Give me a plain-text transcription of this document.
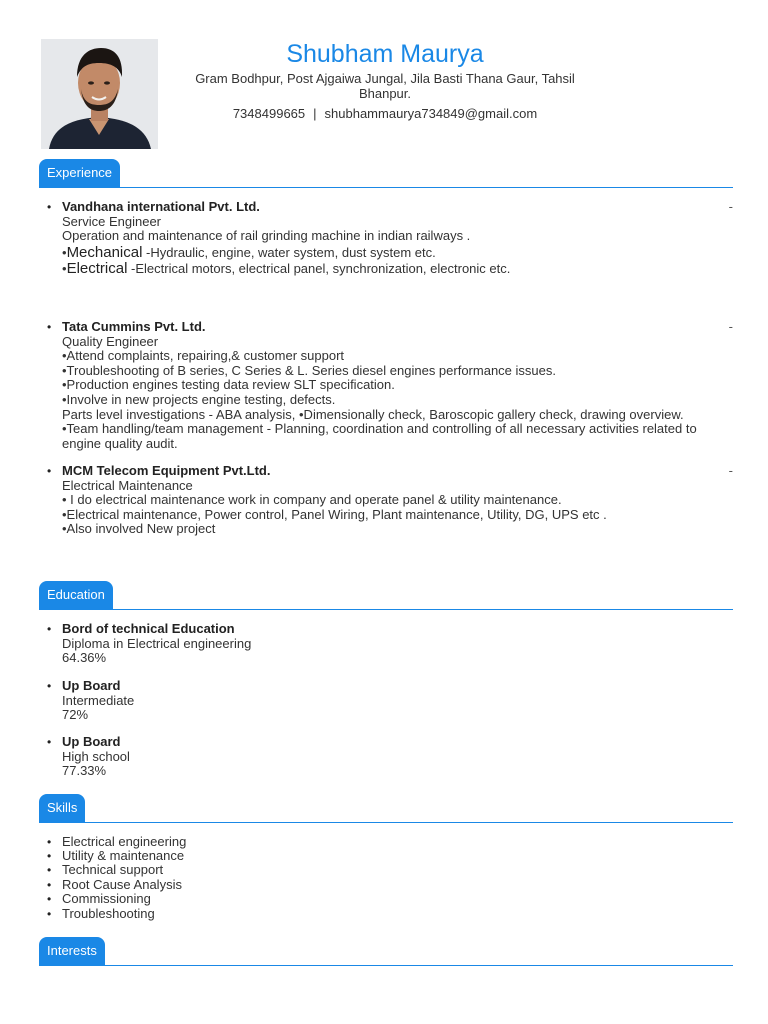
Shubham Maurya
Gram Bodhpur, Post Ajgaiwa Jungal, Jila Basti Thana Gaur, Tahsil Bhanpur.
7348499665 | shubhammaurya734849@gmail.com
Experience
•	-
Vandhana international Pvt. Ltd.
Service Engineer
Operation and maintenance of rail grinding machine in indian railways .
•Mechanical -Hydraulic, engine, water system, dust system etc.
•Electrical -Electrical motors, electrical panel, synchronization, electronic etc.
•	-
Tata Cummins Pvt. Ltd.
Quality Engineer
•Attend complaints, repairing,& customer support
•Troubleshooting of B series, C Series & L. Series diesel engines performance issues.
•Production engines testing data review SLT specification.
•Involve in new projects engine testing, defects.
Parts level investigations - ABA analysis, •Dimensionally check, Baroscopic gallery check, drawing overview.
•Team handling/team management - Planning, coordination and controlling of all necessary activities related to engine quality audit.
•	-
MCM Telecom Equipment Pvt.Ltd.
Electrical Maintenance
• I do electrical maintenance work in company and operate panel & utility maintenance.
•Electrical maintenance, Power control, Panel Wiring, Plant maintenance, Utility, DG, UPS etc .
•Also involved New project
Education
• Bord of technical Education
Diploma in Electrical engineering
64.36%
• Up Board
Intermediate
72%
• Up Board
High school
77.33%
Skills
• Electrical engineering
• Utility & maintenance
• Technical support
• Root Cause Analysis
• Commissioning
• Troubleshooting
Interests
